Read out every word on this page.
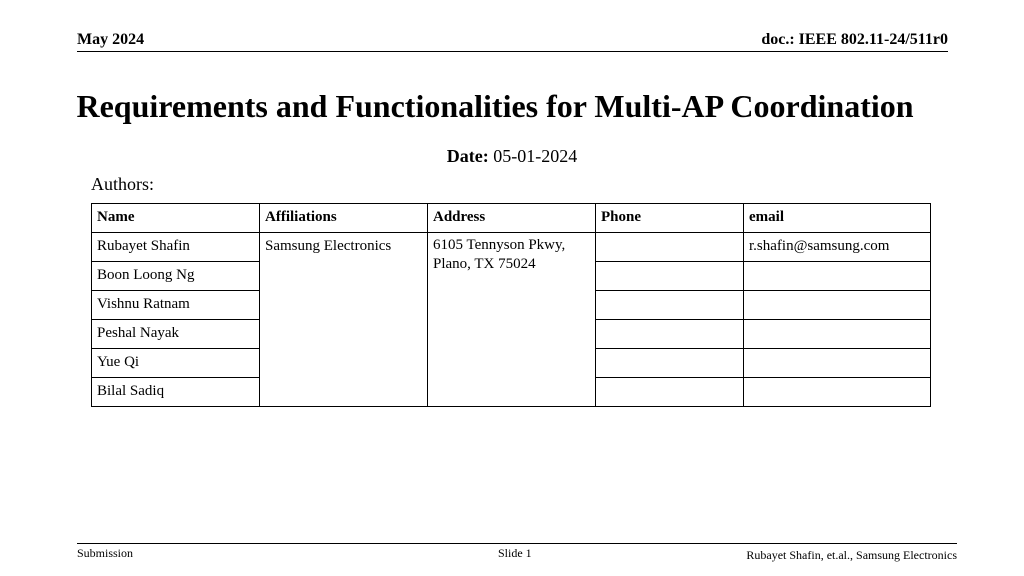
May 2024	doc.: IEEE 802.11-24/511r0
Requirements and Functionalities for Multi-AP Coordination
Date: 05-01-2024
Authors:
Name	Affiliations	Address	Phone	email
Rubayet Shafin	Samsung Electronics	6105 Tennyson Pkwy, Plano, TX 75024		r.shafin@samsung.com
Boon Loong Ng				
Vishnu Ratnam				
Peshal Nayak				
Yue Qi				
Bilal Sadiq				
Submission	Slide 1	Rubayet Shafin, et.al., Samsung Electronics
